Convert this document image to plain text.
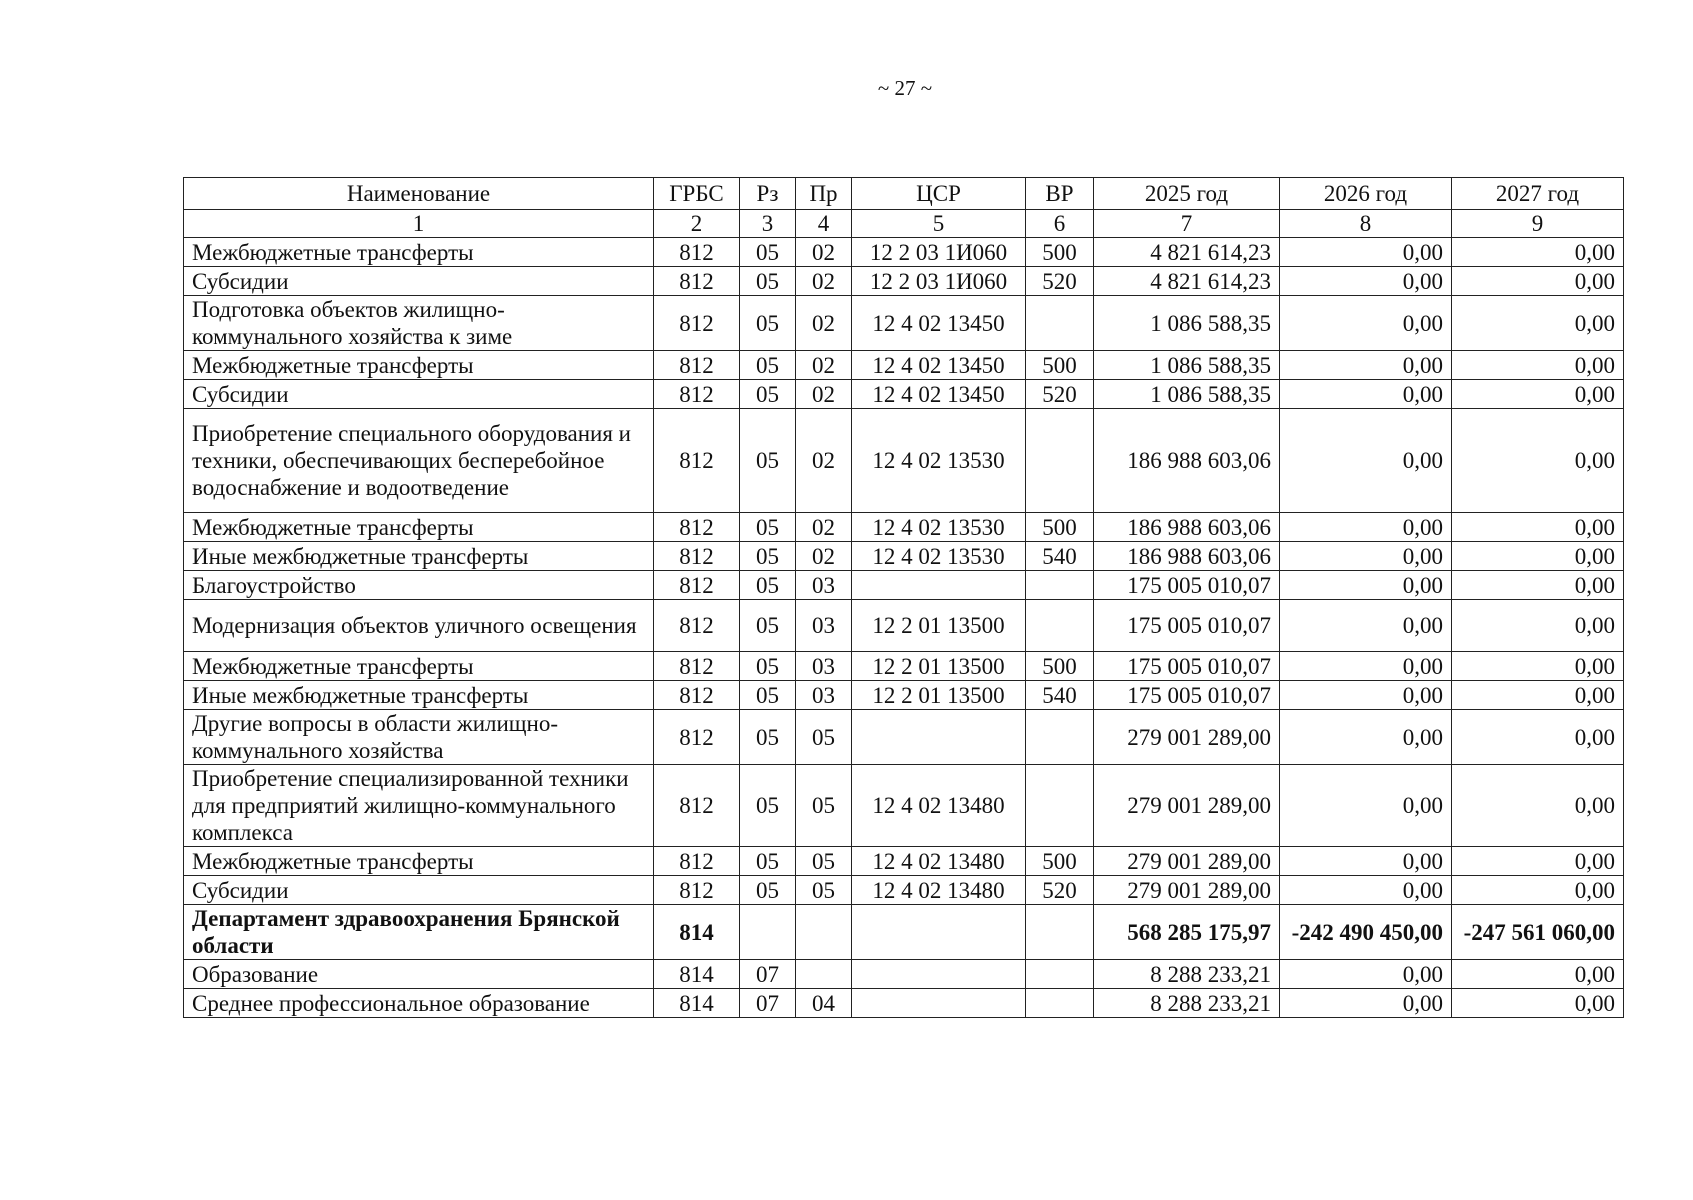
~ 27 ~
Наименование	ГРБС	Рз	Пр	ЦСР	ВР	2025 год	2026 год	2027 год
1	2	3	4	5	6	7	8	9
Межбюджетные трансферты	812	05	02	12 2 03 1И060	500	4 821 614,23	0,00	0,00
Субсидии	812	05	02	12 2 03 1И060	520	4 821 614,23	0,00	0,00
Подготовка объектов жилищно-коммунального хозяйства к зиме	812	05	02	12 4 02 13450		1 086 588,35	0,00	0,00
Межбюджетные трансферты	812	05	02	12 4 02 13450	500	1 086 588,35	0,00	0,00
Субсидии	812	05	02	12 4 02 13450	520	1 086 588,35	0,00	0,00
Приобретение специального оборудования и техники, обеспечивающих бесперебойное водоснабжение и водоотведение	812	05	02	12 4 02 13530		186 988 603,06	0,00	0,00
Межбюджетные трансферты	812	05	02	12 4 02 13530	500	186 988 603,06	0,00	0,00
Иные межбюджетные трансферты	812	05	02	12 4 02 13530	540	186 988 603,06	0,00	0,00
Благоустройство	812	05	03			175 005 010,07	0,00	0,00
Модернизация объектов уличного освещения	812	05	03	12 2 01 13500		175 005 010,07	0,00	0,00
Межбюджетные трансферты	812	05	03	12 2 01 13500	500	175 005 010,07	0,00	0,00
Иные межбюджетные трансферты	812	05	03	12 2 01 13500	540	175 005 010,07	0,00	0,00
Другие вопросы в области жилищно-коммунального хозяйства	812	05	05			279 001 289,00	0,00	0,00
Приобретение специализированной техники для предприятий жилищно-коммунального комплекса	812	05	05	12 4 02 13480		279 001 289,00	0,00	0,00
Межбюджетные трансферты	812	05	05	12 4 02 13480	500	279 001 289,00	0,00	0,00
Субсидии	812	05	05	12 4 02 13480	520	279 001 289,00	0,00	0,00
Департамент здравоохранения Брянской области	814					568 285 175,97	-242 490 450,00	-247 561 060,00
Образование	814	07				8 288 233,21	0,00	0,00
Среднее профессиональное образование	814	07	04			8 288 233,21	0,00	0,00
